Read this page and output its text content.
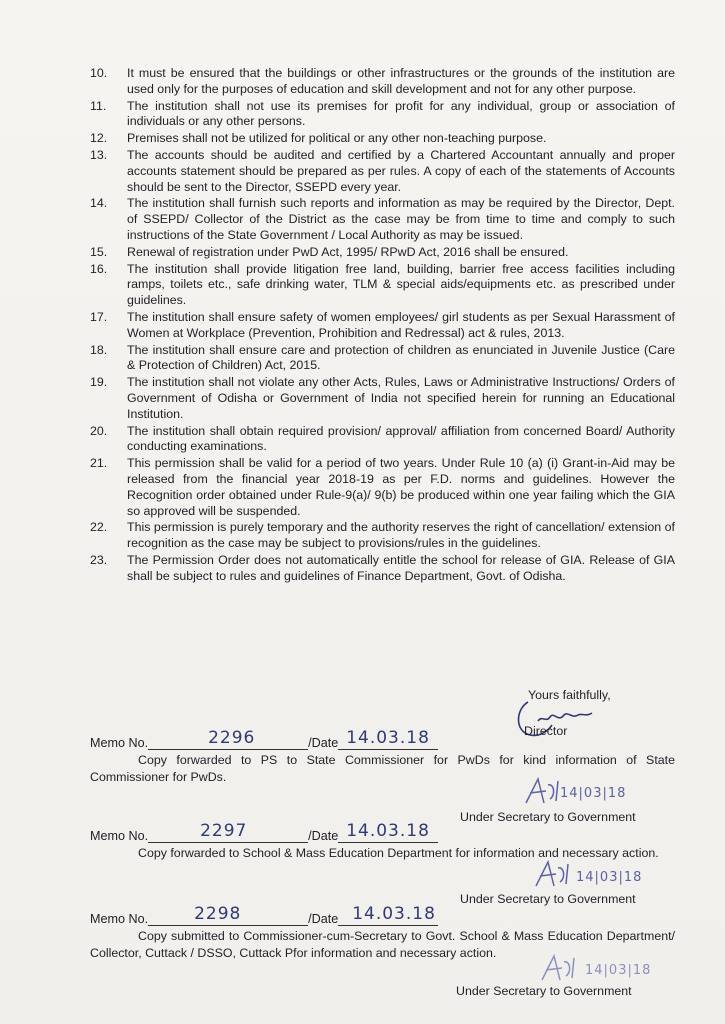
10.	It must be ensured that the buildings or other infrastructures or the grounds of the institution are used only for the purposes of education and skill development and not for any other purpose.
11.	The institution shall not use its premises for profit for any individual, group or association of individuals or any other persons.
12.	Premises shall not be utilized for political or any other non-teaching purpose.
13.	The accounts should be audited and certified by a Chartered Accountant annually and proper accounts statement should be prepared as per rules. A copy of each of the statements of Accounts should be sent to the Director, SSEPD every year.
14.	The institution shall furnish such reports and information as may be required by the Director, Dept. of SSEPD/ Collector of the District as the case may be from time to time and comply to such instructions of the State Government / Local Authority as may be issued.
15.	Renewal of registration under PwD Act, 1995/ RPwD Act, 2016 shall be ensured.
16.	The institution shall provide litigation free land, building, barrier free access facilities including ramps, toilets etc., safe drinking water, TLM & special aids/equipments etc. as prescribed under guidelines.
17.	The institution shall ensure safety of women employees/ girl students as per Sexual Harassment of Women at Workplace (Prevention, Prohibition and Redressal) act & rules, 2013.
18.	The institution shall ensure care and protection of children as enunciated in Juvenile Justice (Care & Protection of Children) Act, 2015.
19.	The institution shall not violate any other Acts, Rules, Laws or Administrative Instructions/ Orders of Government of Odisha or Government of India not specified herein for running an Educational Institution.
20.	The institution shall obtain required provision/ approval/ affiliation from concerned Board/ Authority conducting examinations.
21.	This permission shall be valid for a period of two years. Under Rule 10 (a) (i) Grant-in-Aid may be released from the financial year 2018-19 as per F.D. norms and guidelines. However the Recognition order obtained under Rule-9(a)/ 9(b) be produced within one year failing which the GIA so approved will be suspended.
22.	This permission is purely temporary and the authority reserves the right of cancellation/ extension of recognition as the case may be subject to provisions/rules in the guidelines.
23.	The Permission Order does not automatically entitle the school for release of GIA. Release of GIA shall be subject to rules and guidelines of Finance Department, Govt. of Odisha.
Yours faithfully,
Director
Memo No.	2296	/Date 14.03.18
Copy forwarded to PS to State Commissioner for PwDs for kind information of State Commissioner for PwDs.
14|03|18
Under Secretary to Government
Memo No.	2297	/Date 14.03.18
Copy forwarded to School & Mass Education Department for information and necessary action.
14|03|18
Under Secretary to Government
Memo No.	2298	/Date 14.03.18
Copy submitted to Commissioner-cum-Secretary to Govt. School & Mass Education Department/ Collector, Cuttack / DSSO, Cuttack Pfor information and necessary action.
14|03|18
Under Secretary to Government
